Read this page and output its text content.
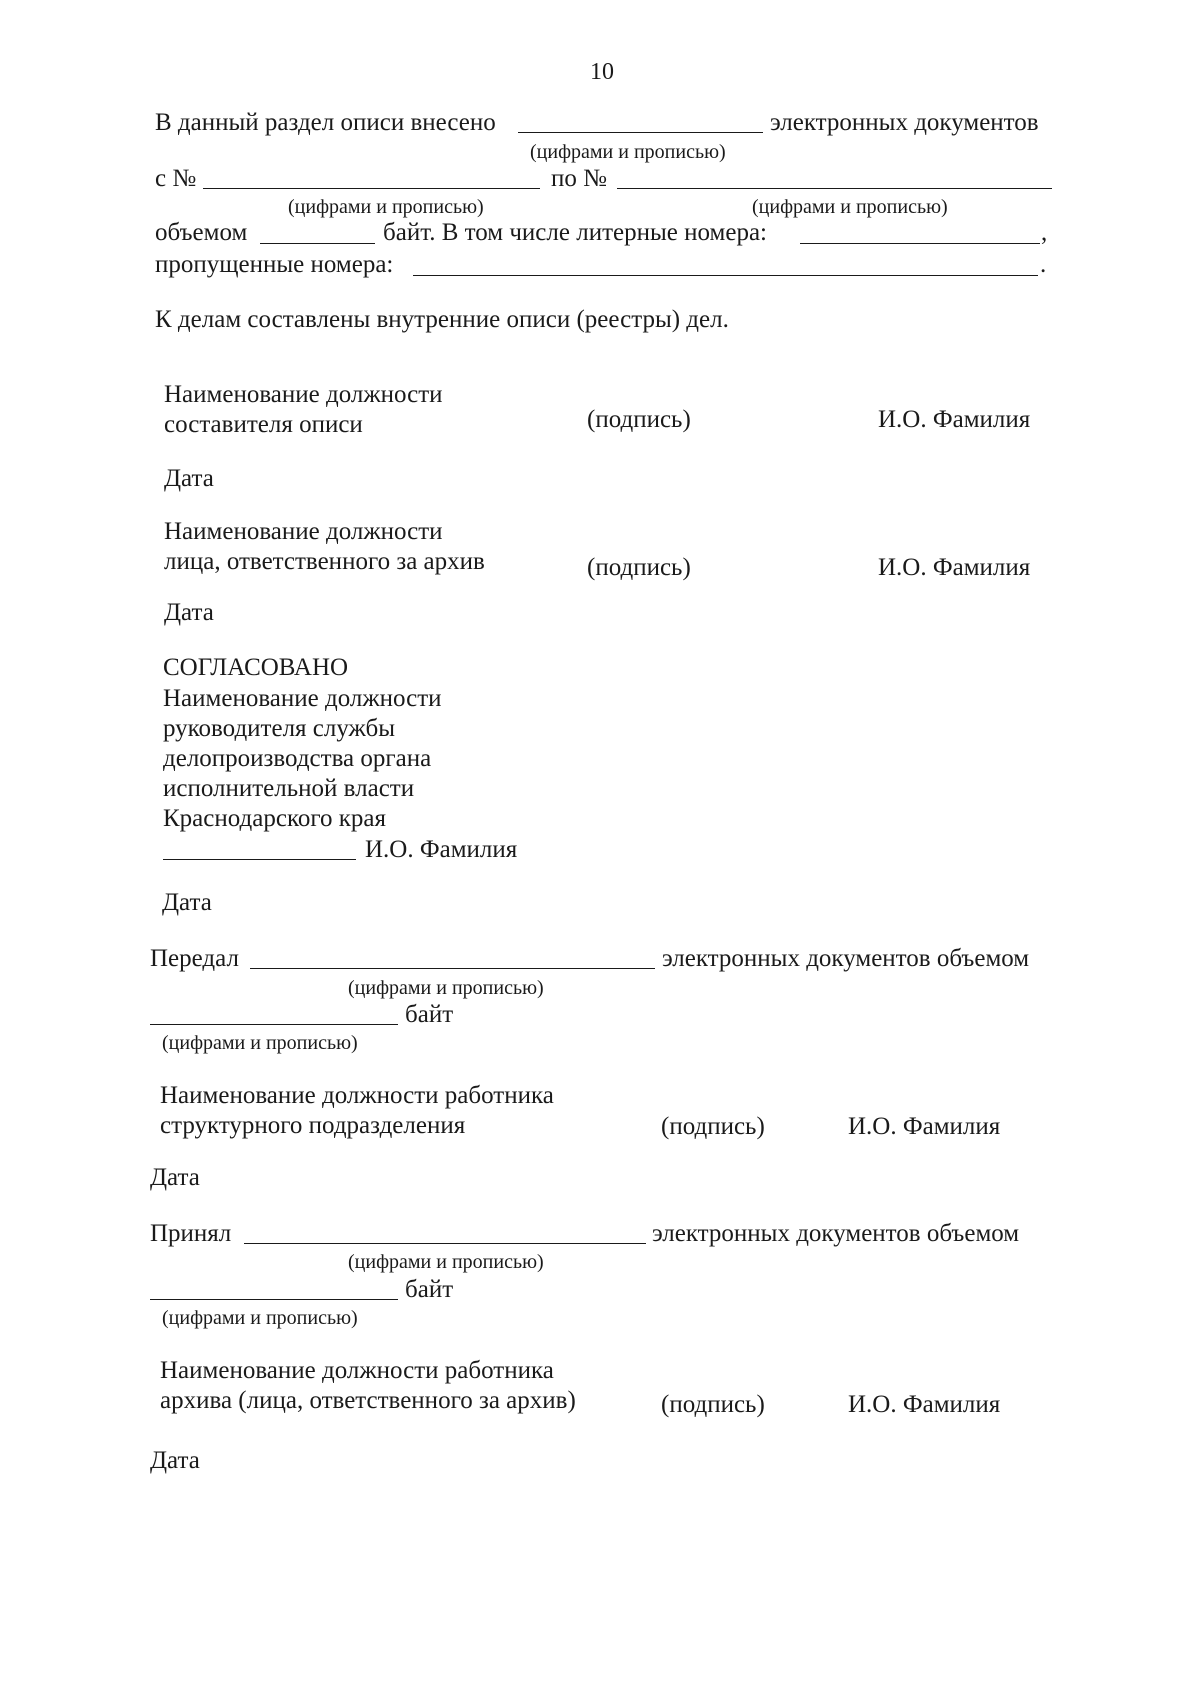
10
В данный раздел описи внесено	электронных документов
(цифрами и прописью)
с №	по №
(цифрами и прописью)	(цифрами и прописью)
объемом	байт. В том числе литерные номера:	,
пропущенные номера:	.
К делам составлены внутренние описи (реестры) дел.
Наименование должности
составителя описи	(подпись)	И.О. Фамилия
Дата
Наименование должности
лица, ответственного за архив	(подпись)	И.О. Фамилия
Дата
СОГЛАСОВАНО
Наименование должности
руководителя службы
делопроизводства органа
исполнительной власти
Краснодарского края
И.О. Фамилия
Дата
Передал	электронных документов объемом
(цифрами и прописью)
байт
(цифрами и прописью)
Наименование должности работника
структурного подразделения	(подпись)	И.О. Фамилия
Дата
Принял	электронных документов объемом
(цифрами и прописью)
байт
(цифрами и прописью)
Наименование должности работника
архива (лица, ответственного за архив)	(подпись)	И.О. Фамилия
Дата
